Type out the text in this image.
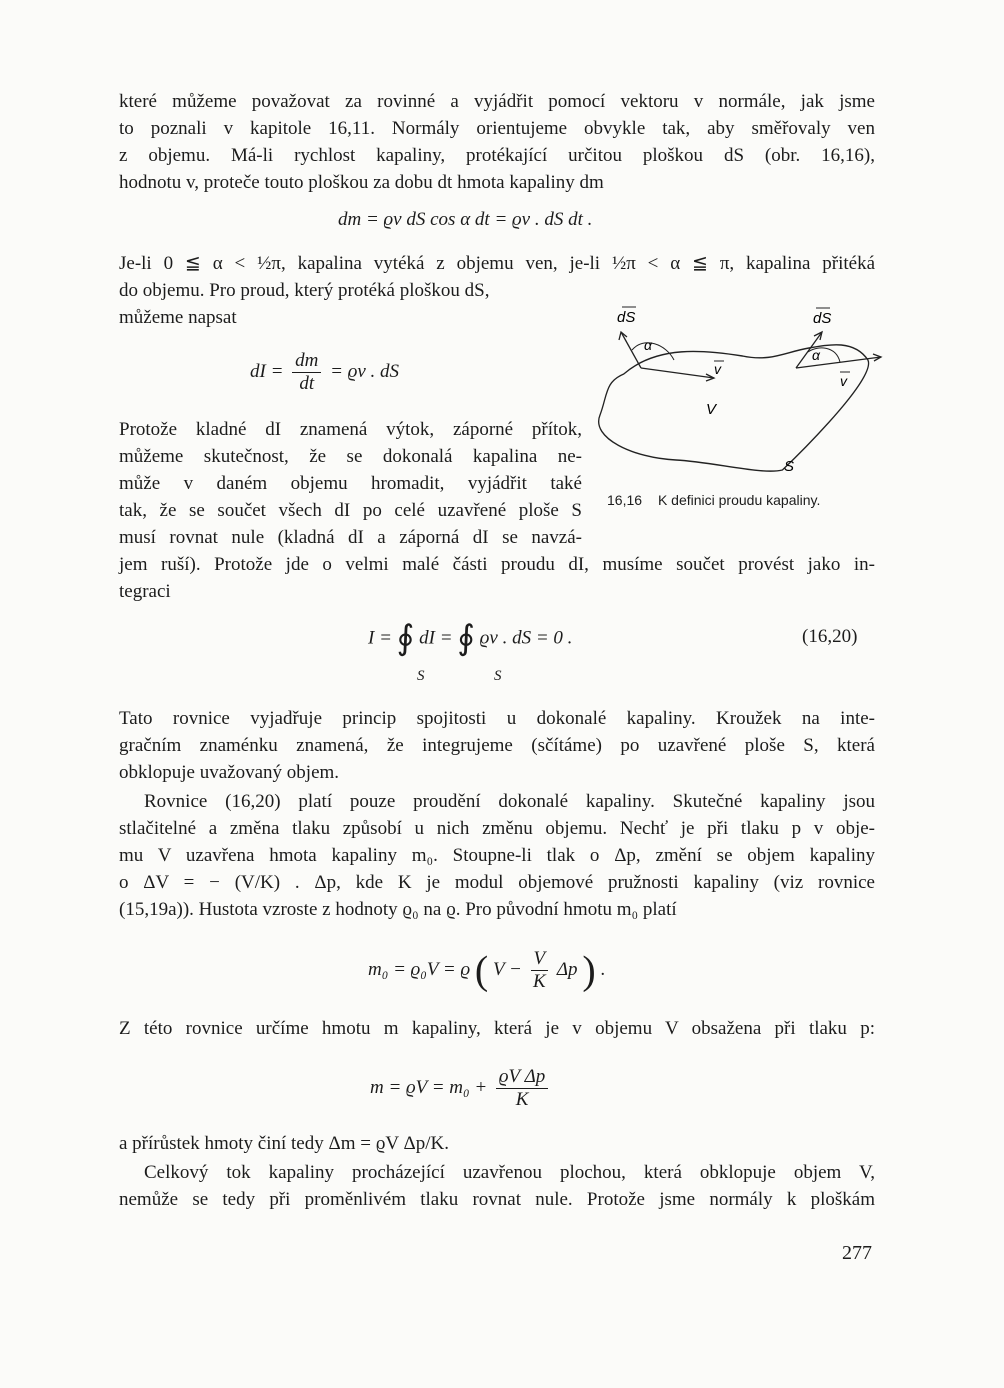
které můžeme považovat za rovinné a vyjádřit pomocí vektoru v normále, jak jsme
to poznali v kapitole 16,11. Normály orientujeme obvykle tak, aby směřovaly ven
z objemu. Má-li rychlost kapaliny, protékající určitou ploškou dS (obr. 16,16),
hodnotu v, proteče touto ploškou za dobu dt hmota kapaliny dm
dm = ϱv dS cos α dt = ϱv . dS dt .
Je-li 0 ≦ α < ½π, kapalina vytéká z objemu ven, je-li ½π < α ≦ π, kapalina přitéká
do objemu. Pro proud, který protéká ploškou dS,
můžeme napsat
dI = $\frac{dm}{dt} = ϱv$ . dS
Protože kladné dI znamená výtok, záporné přítok,
můžeme skutečnost, že se dokonalá kapalina ne-
může v daném objemu hromadit, vyjádřit také
tak, že se součet všech dI po celé uzavřené ploše S
musí rovnat nule (kladná dI a záporná dI se navzá-
jem ruší). Protože jde o velmi malé části proudu dI, musíme součet provést jako in-
tegraci
α
dS
v
α
dS
v
V
S
16,16 K definici proudu kapaliny.
I = ∮ dI = ∮ ϱv . dS = 0 .
S	S
(16,20)
Tato rovnice vyjadřuje princip spojitosti u dokonalé kapaliny. Kroužek na inte-
gračním znaménku znamená, že integrujeme (sčítáme) po uzavřené ploše S, která
obklopuje uvažovaný objem.
Rovnice (16,20) platí pouze proudění dokonalé kapaliny. Skutečné kapaliny jsou
stlačitelné a změna tlaku způsobí u nich změnu objemu. Nechť je při tlaku p v obje-
mu V uzavřena hmota kapaliny m₀. Stoupne-li tlak o Δp, změní se objem kapaliny
o ΔV = − (V/K) . Δp, kde K je modul objemové pružnosti kapaliny (viz rovnice
(15,19a)). Hustota vzroste z hodnoty ϱ₀ na ϱ. Pro původní hmotu m₀ platí
m₀ = ϱ₀V = ϱ ( $V - \frac{V}{K}$ Δp ) .
Z této rovnice určíme hmotu m kapaliny, která je v objemu V obsažena při tlaku p:
$m = ϱV = m_0 + \frac{\text{ϱV Δp}}{K}$
a přírůstek hmoty činí tedy Δm = ϱV Δp/K.
Celkový tok kapaliny procházející uzavřenou plochou, která obklopuje objem V,
nemůže se tedy při proměnlivém tlaku rovnat nule. Protože jsme normály k ploškám
277
